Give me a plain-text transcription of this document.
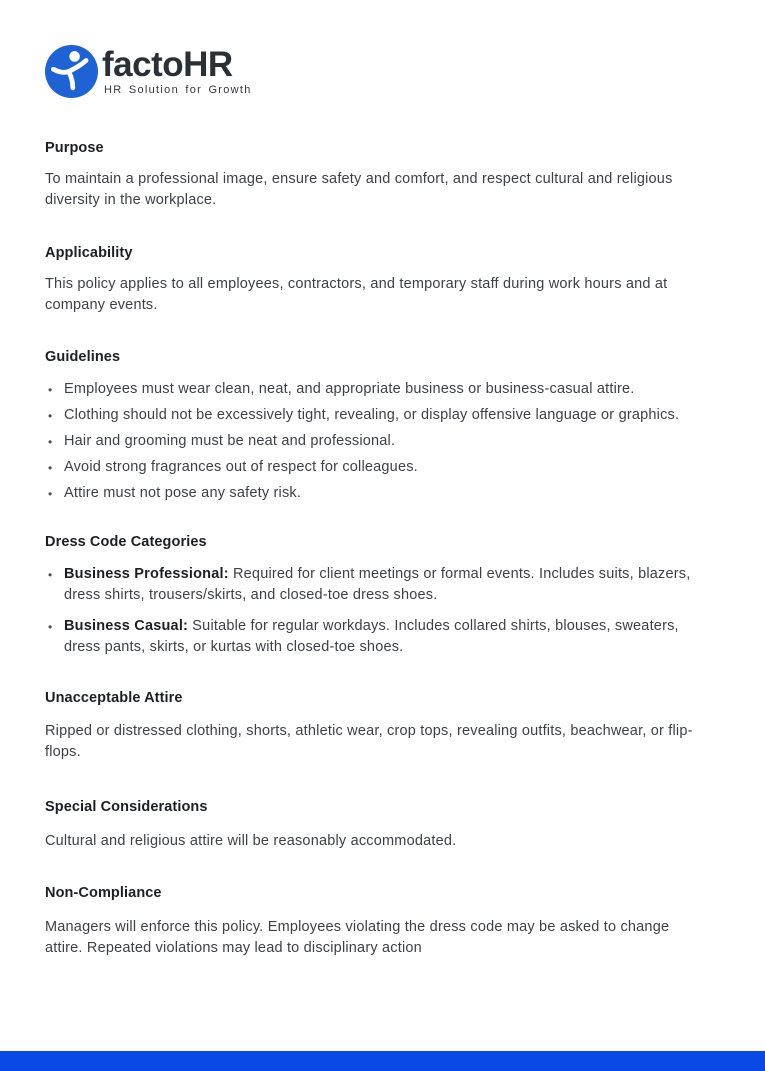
factoHR
HR Solution for Growth
Purpose

To maintain a professional image, ensure safety and comfort, and respect cultural and religious diversity in the workplace.

Applicability

This policy applies to all employees, contractors, and temporary staff during work hours and at company events.

Guidelines
• Employees must wear clean, neat, and appropriate business or business-casual attire.
• Clothing should not be excessively tight, revealing, or display offensive language or graphics.
• Hair and grooming must be neat and professional.
• Avoid strong fragrances out of respect for colleagues.
• Attire must not pose any safety risk.
Dress Code Categories
• Business Professional: Required for client meetings or formal events. Includes suits, blazers, dress shirts, trousers/skirts, and closed-toe dress shoes.
• Business Casual: Suitable for regular workdays. Includes collared shirts, blouses, sweaters, dress pants, skirts, or kurtas with closed-toe shoes.
Unacceptable Attire

Ripped or distressed clothing, shorts, athletic wear, crop tops, revealing outfits, beachwear, or flip-flops.

Special Considerations

Cultural and religious attire will be reasonably accommodated.

Non-Compliance

Managers will enforce this policy. Employees violating the dress code may be asked to change attire. Repeated violations may lead to disciplinary action
